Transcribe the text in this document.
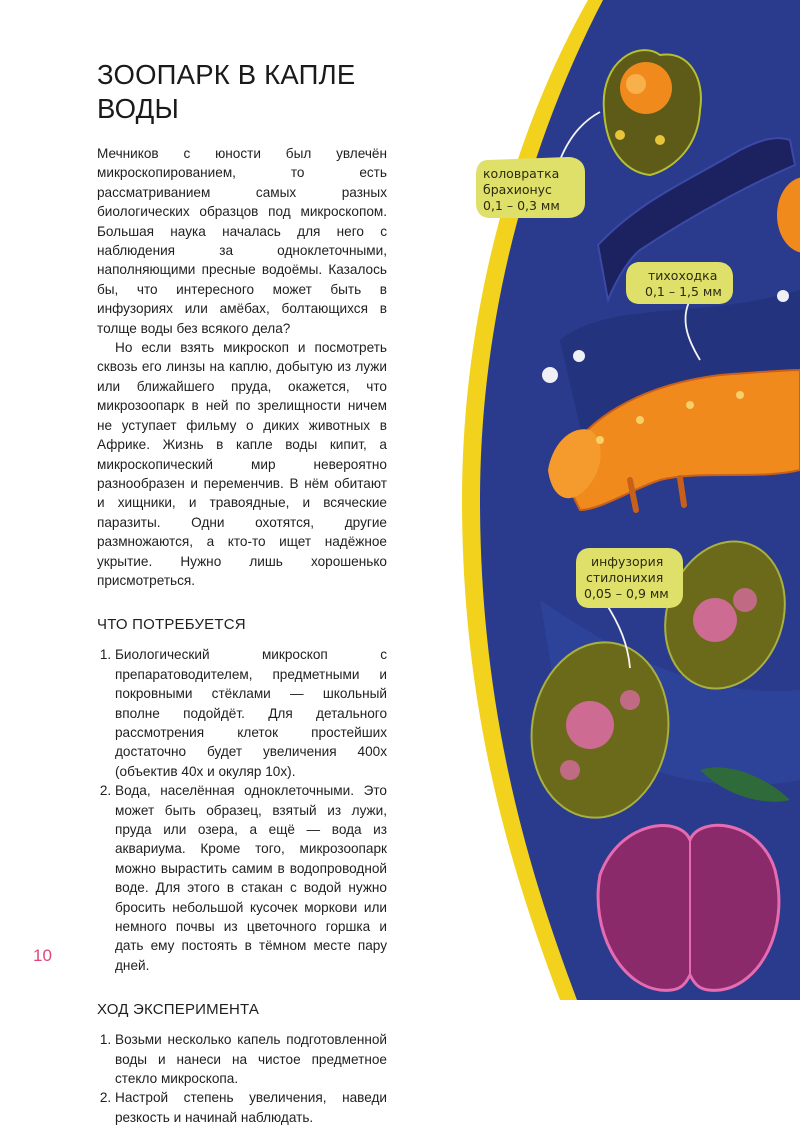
ЗООПАРК В КАПЛЕ ВОДЫ

Мечников с юности был увлечён микроскопированием, то есть рассматриванием самых разных биологических образцов под микроскопом. Большая наука началась для него с наблюдения за одноклеточными, наполняющими пресные водоёмы. Казалось бы, что интересного может быть в инфузориях или амёбах, болтающихся в толще воды без всякого дела?

Но если взять микроскоп и посмотреть сквозь его линзы на каплю, добытую из лужи или ближайшего пруда, окажется, что микрозоопарк в ней по зрелищности ничем не уступает фильму о диких животных в Африке. Жизнь в капле воды кипит, а микроскопический мир невероятно разнообразен и переменчив. В нём обитают и хищники, и травоядные, и всяческие паразиты. Одни охотятся, другие размножаются, а кто-то ищет надёжное укрытие. Нужно лишь хорошенько присмотреться.

ЧТО ПОТРЕБУЕТСЯ
1. Биологический микроскоп с препаратоводителем, предметными и покровными стёклами — школьный вполне подойдёт. Для детального рассмотрения клеток простейших достаточно будет увеличения 400x (объектив 40x и окуляр 10x).
2. Вода, населённая одноклеточными. Это может быть образец, взятый из лужи, пруда или озера, а ещё — вода из аквариума. Кроме того, микрозоопарк можно вырастить самим в водопроводной воде. Для этого в стакан с водой нужно бросить небольшой кусочек моркови или немного почвы из цветочного горшка и дать ему постоять в тёмном месте пару дней.
ХОД ЭКСПЕРИМЕНТА
1. Возьми несколько капель подготовленной воды и нанеси на чистое предметное стекло микроскопа.
2. Настрой степень увеличения, наведи резкость и начинай наблюдать.
10
коловратка
брахионус
0,1 – 0,3 мм
тихоходка
0,1 – 1,5 мм
инфузория
стилонихия
0,05 – 0,9 мм
